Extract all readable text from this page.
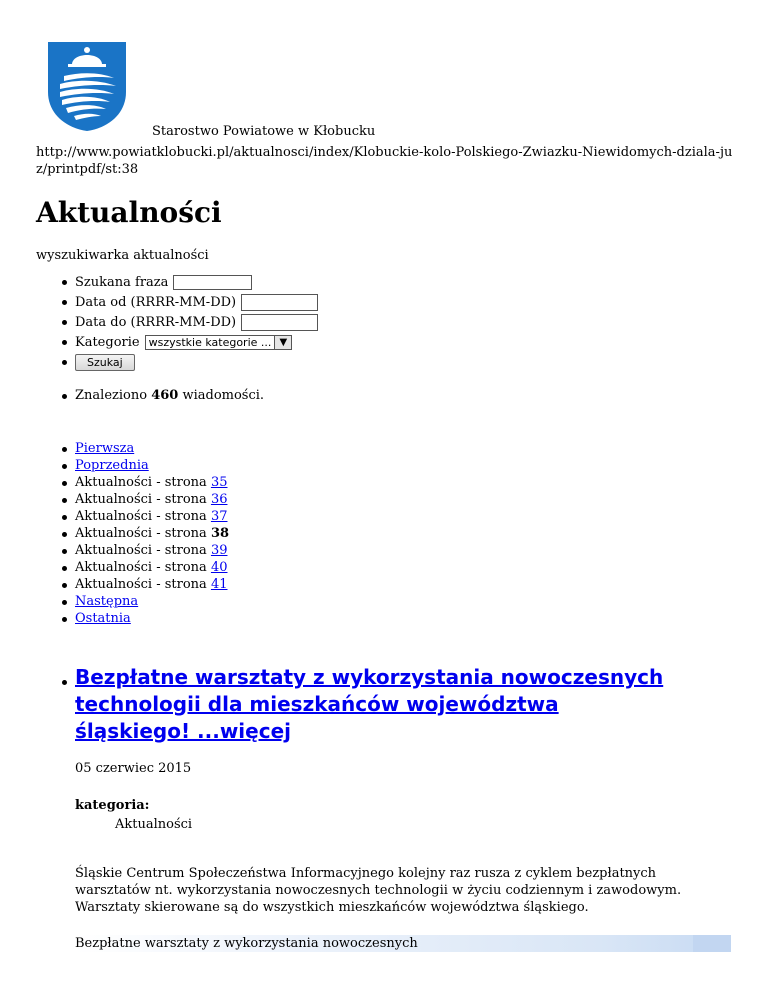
Starostwo Powiatowe w Kłobucku
http://www.powiatklobucki.pl/aktualnosci/index/Klobuckie-kolo-Polskiego-Zwiazku-Niewidomych-dziala-juz/printpdf/st:38
Aktualności
wyszukiwarka aktualności
Szukana fraza
Data od (RRRR-MM-DD)
Data do (RRRR-MM-DD)
Kategorie wszystkie kategorie ... ▼
Szukaj
Znaleziono 460 wiadomości.
Pierwsza
Poprzednia
Aktualności - strona 35
Aktualności - strona 36
Aktualności - strona 37
Aktualności - strona 38
Aktualności - strona 39
Aktualności - strona 40
Aktualności - strona 41
Następna
Ostatnia
Bezpłatne warsztaty z wykorzystania nowoczesnych technologii dla mieszkańców województwa śląskiego! ...więcej
05 czerwiec 2015
kategoria:
Aktualności
Śląskie Centrum Społeczeństwa Informacyjnego kolejny raz rusza z cyklem bezpłatnych warsztatów nt. wykorzystania nowoczesnych technologii w życiu codziennym i zawodowym. Warsztaty skierowane są do wszystkich mieszkańców województwa śląskiego.
Bezpłatne warsztaty z wykorzystania nowoczesnych
